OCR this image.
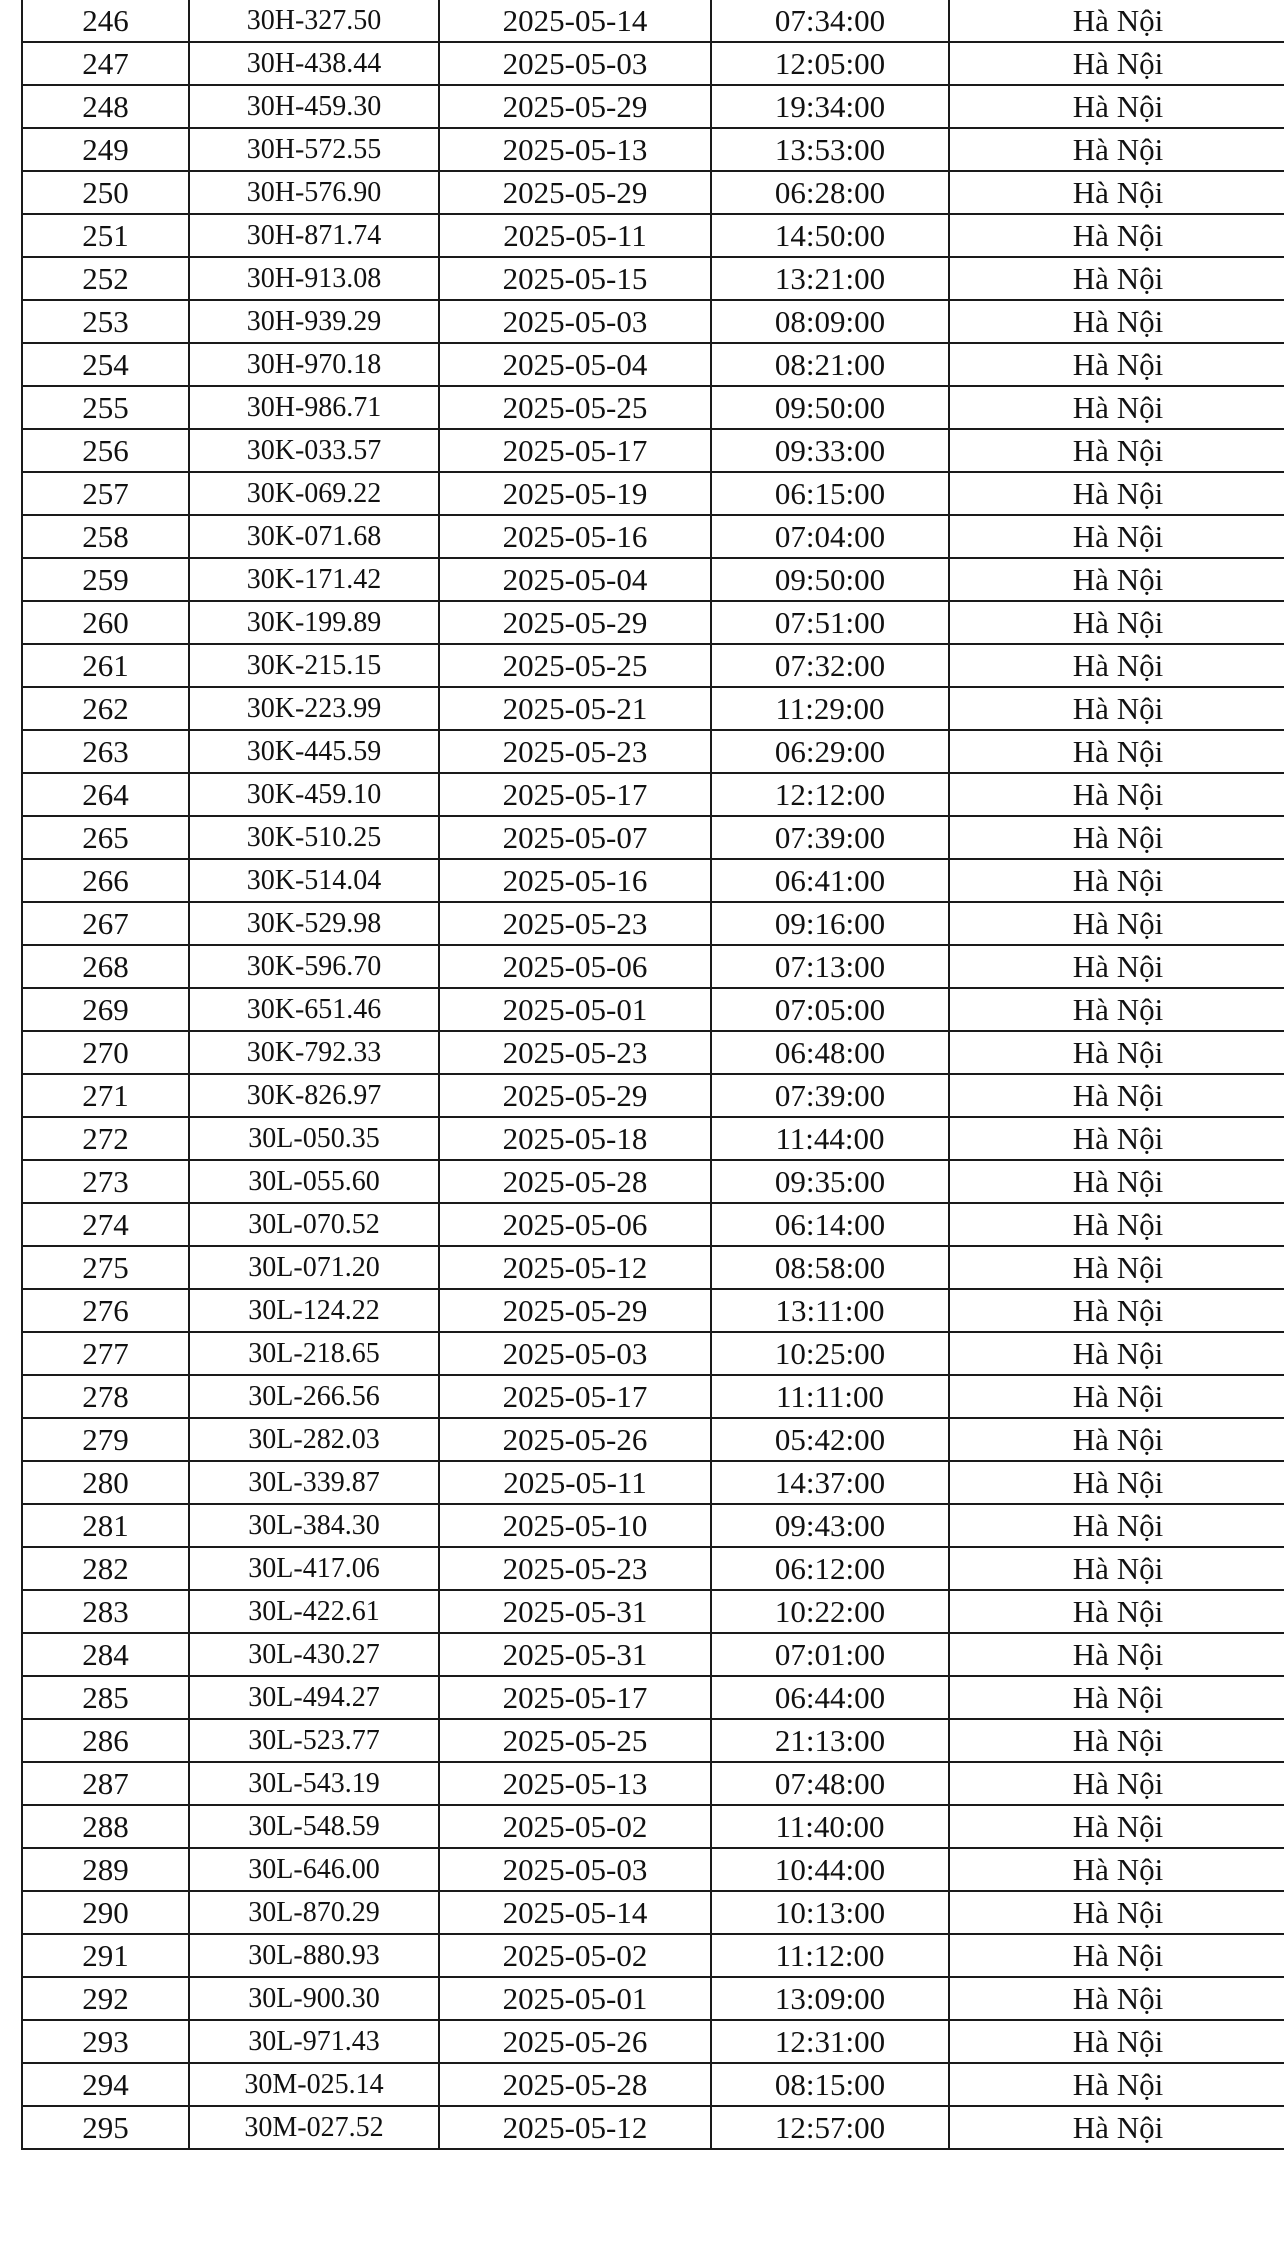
246	30H-327.50	2025-05-14	07:34:00	Hà Nội
247	30H-438.44	2025-05-03	12:05:00	Hà Nội
248	30H-459.30	2025-05-29	19:34:00	Hà Nội
249	30H-572.55	2025-05-13	13:53:00	Hà Nội
250	30H-576.90	2025-05-29	06:28:00	Hà Nội
251	30H-871.74	2025-05-11	14:50:00	Hà Nội
252	30H-913.08	2025-05-15	13:21:00	Hà Nội
253	30H-939.29	2025-05-03	08:09:00	Hà Nội
254	30H-970.18	2025-05-04	08:21:00	Hà Nội
255	30H-986.71	2025-05-25	09:50:00	Hà Nội
256	30K-033.57	2025-05-17	09:33:00	Hà Nội
257	30K-069.22	2025-05-19	06:15:00	Hà Nội
258	30K-071.68	2025-05-16	07:04:00	Hà Nội
259	30K-171.42	2025-05-04	09:50:00	Hà Nội
260	30K-199.89	2025-05-29	07:51:00	Hà Nội
261	30K-215.15	2025-05-25	07:32:00	Hà Nội
262	30K-223.99	2025-05-21	11:29:00	Hà Nội
263	30K-445.59	2025-05-23	06:29:00	Hà Nội
264	30K-459.10	2025-05-17	12:12:00	Hà Nội
265	30K-510.25	2025-05-07	07:39:00	Hà Nội
266	30K-514.04	2025-05-16	06:41:00	Hà Nội
267	30K-529.98	2025-05-23	09:16:00	Hà Nội
268	30K-596.70	2025-05-06	07:13:00	Hà Nội
269	30K-651.46	2025-05-01	07:05:00	Hà Nội
270	30K-792.33	2025-05-23	06:48:00	Hà Nội
271	30K-826.97	2025-05-29	07:39:00	Hà Nội
272	30L-050.35	2025-05-18	11:44:00	Hà Nội
273	30L-055.60	2025-05-28	09:35:00	Hà Nội
274	30L-070.52	2025-05-06	06:14:00	Hà Nội
275	30L-071.20	2025-05-12	08:58:00	Hà Nội
276	30L-124.22	2025-05-29	13:11:00	Hà Nội
277	30L-218.65	2025-05-03	10:25:00	Hà Nội
278	30L-266.56	2025-05-17	11:11:00	Hà Nội
279	30L-282.03	2025-05-26	05:42:00	Hà Nội
280	30L-339.87	2025-05-11	14:37:00	Hà Nội
281	30L-384.30	2025-05-10	09:43:00	Hà Nội
282	30L-417.06	2025-05-23	06:12:00	Hà Nội
283	30L-422.61	2025-05-31	10:22:00	Hà Nội
284	30L-430.27	2025-05-31	07:01:00	Hà Nội
285	30L-494.27	2025-05-17	06:44:00	Hà Nội
286	30L-523.77	2025-05-25	21:13:00	Hà Nội
287	30L-543.19	2025-05-13	07:48:00	Hà Nội
288	30L-548.59	2025-05-02	11:40:00	Hà Nội
289	30L-646.00	2025-05-03	10:44:00	Hà Nội
290	30L-870.29	2025-05-14	10:13:00	Hà Nội
291	30L-880.93	2025-05-02	11:12:00	Hà Nội
292	30L-900.30	2025-05-01	13:09:00	Hà Nội
293	30L-971.43	2025-05-26	12:31:00	Hà Nội
294	30M-025.14	2025-05-28	08:15:00	Hà Nội
295	30M-027.52	2025-05-12	12:57:00	Hà Nội
